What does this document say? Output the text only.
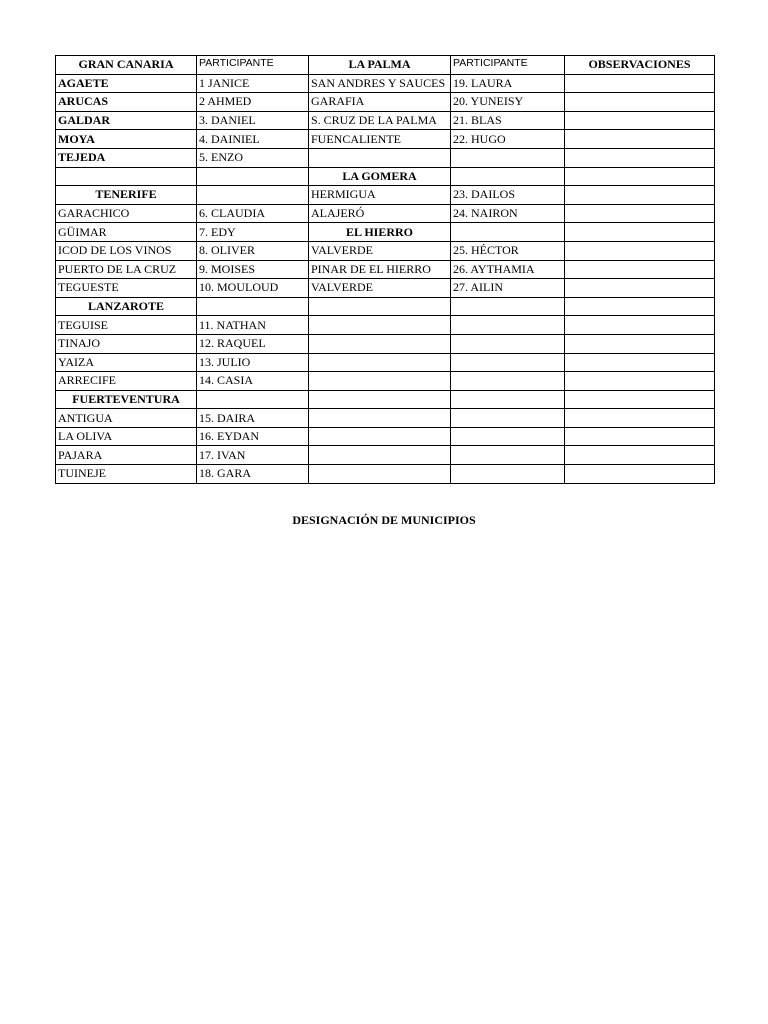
GRAN CANARIA	PARTICIPANTE	LA PALMA	PARTICIPANTE	OBSERVACIONES
AGAETE	1 JANICE	SAN ANDRES Y SAUCES	19. LAURA	
ARUCAS	2 AHMED	GARAFIA	20. YUNEISY	
GALDAR	3. DANIEL	S. CRUZ DE LA PALMA	21. BLAS	
MOYA	4. DAINIEL	FUENCALIENTE	22. HUGO	
TEJEDA	5. ENZO			
		LA GOMERA		
TENERIFE		HERMIGUA	23. DAILOS	
GARACHICO	6. CLAUDIA	ALAJERÓ	24. NAIRON	
GÜIMAR	7. EDY	EL HIERRO		
ICOD DE LOS VINOS	8. OLIVER	VALVERDE	25. HÉCTOR	
PUERTO DE LA CRUZ	9. MOISES	PINAR DE EL HIERRO	26. AYTHAMIA	
TEGUESTE	10. MOULOUD	VALVERDE	27. AILIN	
LANZAROTE				
TEGUISE	11. NATHAN			
TINAJO	12. RAQUEL			
YAIZA	13. JULIO			
ARRECIFE	14. CASIA			
FUERTEVENTURA				
ANTIGUA	15. DAIRA			
LA OLIVA	16. EYDAN			
PAJARA	17. IVAN			
TUINEJE	18. GARA			
DESIGNACIÓN DE MUNICIPIOS
